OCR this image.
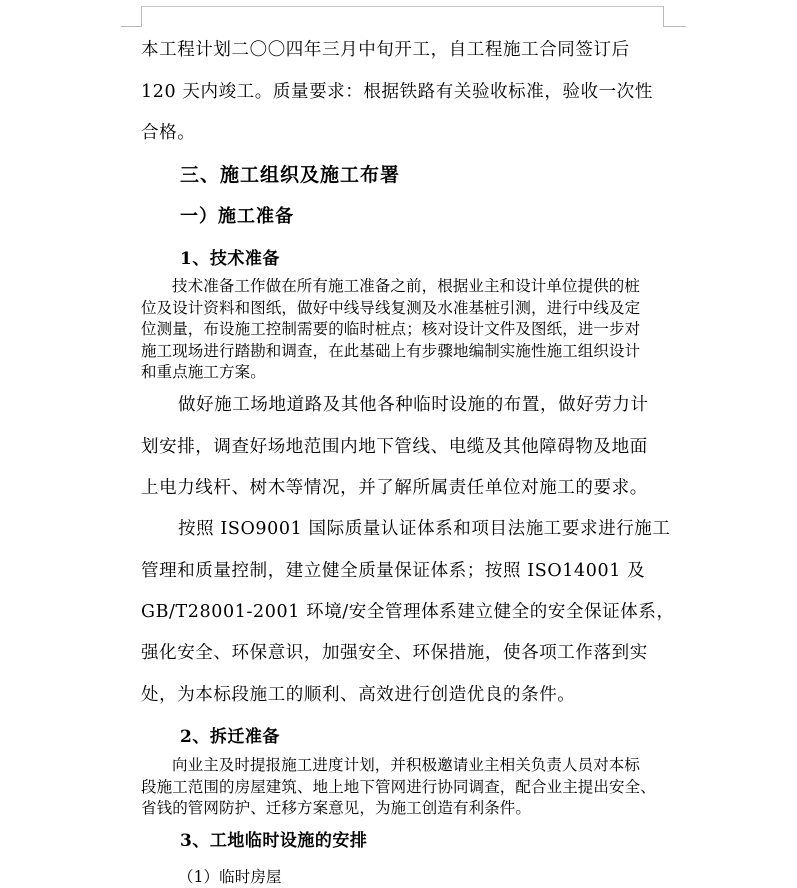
本工程计划二〇〇四年三月中旬开工，自工程施工合同签订后
120 天内竣工。质量要求：根据铁路有关验收标准，验收一次性
合格。
三、施工组织及施工布署
一）施工准备
1、技术准备
技术准备工作做在所有施工准备之前，根据业主和设计单位提供的桩
位及设计资料和图纸，做好中线导线复测及水准基桩引测，进行中线及定
位测量，布设施工控制需要的临时桩点；核对设计文件及图纸，进一步对
施工现场进行踏勘和调查，在此基础上有步骤地编制实施性施工组织设计
和重点施工方案。
做好施工场地道路及其他各种临时设施的布置，做好劳力计
划安排，调查好场地范围内地下管线、电缆及其他障碍物及地面
上电力线杆、树木等情况，并了解所属责任单位对施工的要求。
按照 ISO9001 国际质量认证体系和项目法施工要求进行施工
管理和质量控制，建立健全质量保证体系；按照 ISO14001 及
GB/T28001-2001 环境/安全管理体系建立健全的安全保证体系，
强化安全、环保意识，加强安全、环保措施，使各项工作落到实
处，为本标段施工的顺利、高效进行创造优良的条件。
2、拆迁准备
向业主及时提报施工进度计划，并积极邀请业主相关负责人员对本标
段施工范围的房屋建筑、地上地下管网进行协同调查，配合业主提出安全、
省钱的管网防护、迁移方案意见，为施工创造有利条件。
3、工地临时设施的安排
（1）临时房屋
